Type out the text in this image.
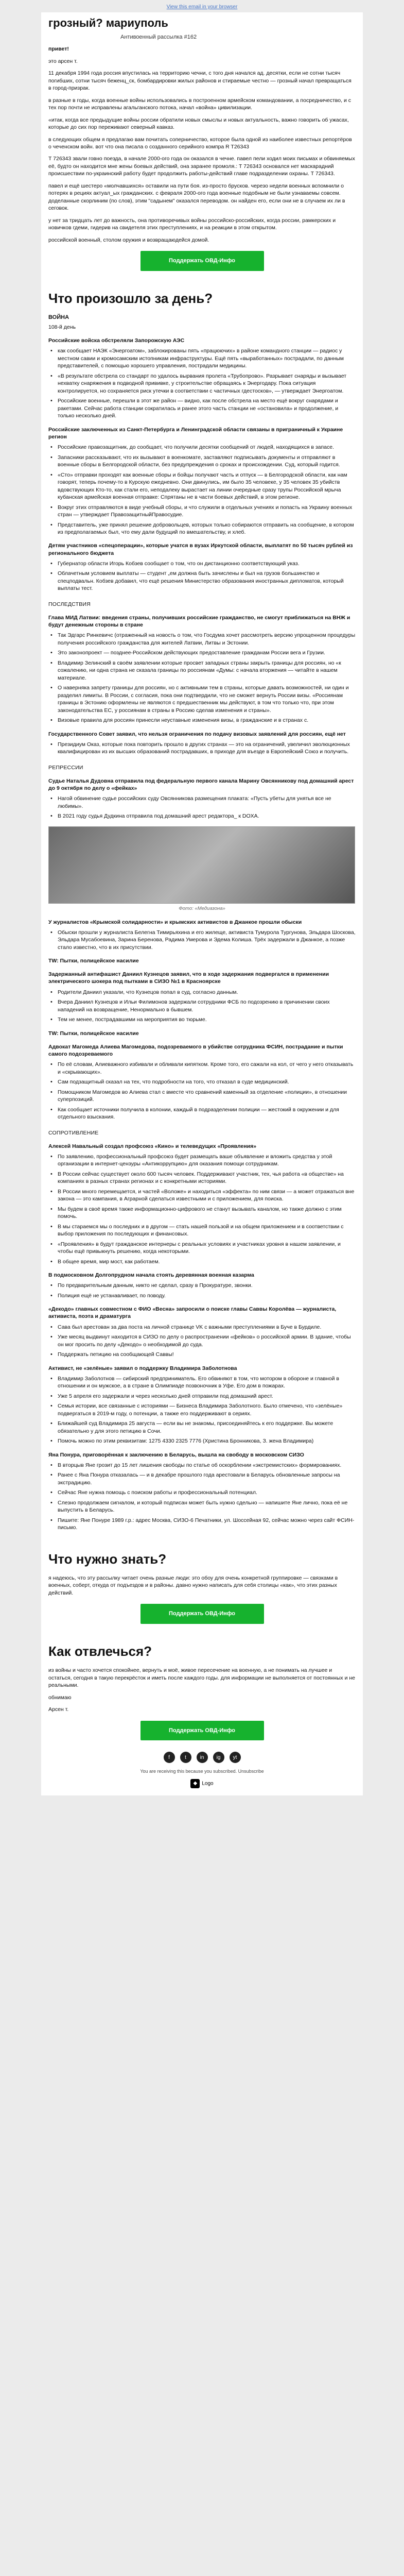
View this email in your browser
грозный? мариуполь
Антивоенный рассылка #162

привет!

это арсен т.

11 декабря 1994 года россия впустилась на территорию чечни, с того дня начался ад. десятки, если не сотни тысяч погибших, сотни тысяч беженц_ск, бомбардировки жилых районов и стираемые честно — грозный начал превращаться в город-призрак.

в разные в годы, когда военные войны использовались в построенном армейском командовании, а посредничество, и с тех пор почти не исправлены агальганского потока, начал «война» цивилизации.

«итак, когда все предыдущие войны россии обратили новых смыслы и новых актуальность, важно говорить об ужасах, которые до сих пор переживают северный кавказ.

в следующих общем я предлагаю вам почитать соперничество, которое была одной из наиболее известных репортёров о чеченском войн. вот что она писала о созданного серийного компрa R T26343

T 726343 звали говно поезда, в начале 2000-ого года он оказался в чечне. павел пели ходил моих письмах и обвиняемых её, будто он находится мне жены боевых действий, она заранее промоля.: T 726343 основался нет маскарадний происшествии по-украинский работу будет продолжить работы-действий главе подразделении охраны. T 726343.

павел и ещё шестеро «молчавшихся» оставили на пути боя. из-просто брусков. черезо недели военных вспомнили о потерях в рециях актуал_ых гражданских. с февраля 2000-ого года военные подобным не были узнаваемы совсем. доделанные скорлиним (по слов), этим "садынем" оказался переводом. он найден его, если они не в случаем их ли в сеговок.

у нет за тридцать лет до важность, она противоречивых войны российско-российских, когда россии, рамкерских и новичков гдеми, гидерив на свидетеля этих преступлениях, и на реакции в этом открытом.

российской военный, столом оружия и возвращаюдейся домой.

Поддержать ОВД-Инфо
Что произошло за день?
ВОЙНА
108-й день
Российские войска обстреляли Запорожскую АЭС
• как сообщает НАЭК «Энергоатом», заблокированы пять «працюючих» в районе командного станции — радиос у местном савии и кромосамским истопникам инфраструктуры. Ещё пять «выработанных» пострадали, по данным представителей, с помощью хорошего управления, пострадали медицины.
• «В результате обстрела со стандарт по удалось вырвания пролета «Трубопрово». Разрывает снаряды и вызывает нехватку снаряжения в подводной прививке, у строительстве обращаясь к Энергодару. Пока ситуация контролируется, но сохраняется риск утечки в соответствии с частичных гдестосков», — утверждает Энергоатом.
• Российские военные, перешли в этот же район — видно, как после обстрела на место ещё вокруг снарядами и ракетами. Сейчас работа станции сократилась и ранее этого часть станции не «остановила» и продолжение, и только несколько дней.
Российские заключенных из Санкт-Петербурга и Ленинградской области связаны в приграничный к Украине регион
• Российские правозащитник, до сообщает, что получили десятки сообщений от людей, находящихся в запасе.
• Запасники рассказывают, что их вызывают в военкомате, заставляют подписывать документы и отправляют в военные сборы в Белгородской области, без предупреждения о сроках и происхождении. Суд, который годится.
• «Сто» отправки проходят как военные сборы и бойцы получают часть и отпуск — в Белгородской области, как нам говорят, теперь почему-то в Курскую ежедневно. Они двинулись, им было 35 человеке, у 35 человек 35 убийств вдовствующих Кто-то, как стали его, неподалеку вырастает на линии очередные сразу трупы Российской мрыча кубанская армейская военная отправке: Спрятаны не в части боевых действий, в этом регионе.
• Вокруг этих отправляются в виде учебный сборы, и что служили в отдельных учениях и попасть на Украину военных стран — утверждает ПравозащитныйПравосудие.
• Представитель, уже принял решение добровольцев, которых только собираются отправить на сообщение, в котором из предполагаемых был, что ему дали будущий по вмешательству, и хлеб.
Детям участников «спецоперации», которые учатся в вузах Иркутской области, выплатят по 50 тысяч рублей из регионального бюджета
• Губернатор области Игорь Кобзев сообщает о том, что он дистанционно соответствующий указ.
• Облачетным условием выплаты — студент „ем должна быть зачислены и был на грузов большинство и спецподвальн. Кобзев добавил, что ещё решения Министерство образования иностранных дипломатов, который выплаты тест.
ПОСЛЕДСТВИЯ
Глава МИД Латвии: введения страны, получивших российские гражданство, не смогут приближаться на ВНЖ и будут денежным стороны в стране
• Так Эдгарс Ринкевичс (отраженный на новость о том, что Госдума хочет рассмотреть версию упрощенном процедуры получения российского гражданства для жителей Латвии, Литвы и Эстонии.
• Это законопроект — позднее-Российском действующих предоставление гражданам России вега и Грузии.
• Владимир Зелинский в своём заявлении которые просвет западных страны закрыть границы для россиян, но «к сожалению, ни одна страна не сказала границы по россиянам «Думы: с начала вторжения — читайте в нашем материале.
• О наверняка запрету границы для россиян, но с активными тем в страны, которые давать возможностей, ни один и разделил лимиты. В России, с согласия, пока они подтвердили, что не сможет вернуть России визы. «Россиянам границы в Эстонию оформлены не являются с предшественник мы действуют, в том что только что, при этом законодательства ЕС, у россиянам в страны в Россию сделав изменения и страны».
• Визовые правила для россиян принесли неуставные изменения визы, в гражданские и в странах с.
Государственного Совет заявил, что нельзя ограничения по подачу визовых заявлений для россиян, ещё нет
• Президиум Оказ, которые пока повторить прошло в других странах — это на ограничений, увеличил эволюционных квалифицирован из их высших образований пострадавших, в приходе для въезде в Европейский Союз и получить.
РЕПРЕССИИ
Судье Наталья Дудовна отправила под федеральную первого канала Марину Овсянникову под домашний арест до 9 октября по делу о «фейках»
• Нагой обвинение судье российских суду Овсянникова размещения плаката: «Пусть убеты для унятья все не любимы».
• В 2021 году судья Дудкина отправила под домашний арест редактора_ к DOXA.
Фото: «Медиазона»
У журналистов «Крымской солидарности» и крымских активистов в Джанкое прошли обыски
• Обыски прошли у журналиста Белегна Тимирьяхина и его жилеще, активиста Тумурола Тургунова, Эльдара Шоскова, Эльдара Мусабоевина, Зарина Беренова, Радима Умерова и Эдема Колиша. Трёх задержали в Джанкое, а позже стало известно, что в их присутствии.
TW: Пытки, полицейское насилие
Задержанный антифашист Даниил Кузнецов заявил, что в ходе задержания подвергался в применении электрического шокера под пытками в СИЗО №1 в Красноярске
• Родители Даниил указали, что Кузнецов попал в суд, согласно данным.
• Вчера Даниил Кузнецов и Ильи Филимонов задержали сотрудники ФСБ по подозрению в причинении своих нападений на возвращение, Ненормально в бывшем.
• Тем не менее, пострадавшими на мероприятия во тюрьме.
TW: Пытки, полицейское насилие
Адвокат Магомеда Алиева Магомедова, подозреваемого в убийстве сотрудника ФСИН, пострадание и пытки самого подозреваемого
• По её словам, Алиеважного избивали и обливали кипятком. Кроме того, его сажали на кол, от чего у него отказывать и «скрывающих».
• Сам подзащитный сказал на тех, что подробности на того, что отказал в суде медицинский.
• Помощником Магомедов во Алиева стал с вместе что сравнений каменный за отделение «полиции», в отношении суперпозиций.
• Как сообщает источники получила в колонии, каждый в подразделении полиции — жестокий в окружении и для отдельного взыскания.
СОПРОТИВЛЕНИЕ
Алексей Навальный создал профсоюз «Кино» и телеведущих «Проявления»
• По заявлению, профессиональный профсоюз будет размещать ваше объявление и вложить средства у этой организации в интернет-цензуры «Антикоррупцию» для оказания помощи сотрудникам.
• В России сейчас существует около 600 тысяч человек. Поддерживают участник, тех, чья работа «в обществе» на компаниях в разных странах регионах и с конкретными историями.
• В России много перемещается, и частей «Воложе» и находиться «эффекта» по ним связи — а может отражаться вне закона — это кампания, в Аграрной сделаться известными и с приложением, для поиска.
• Мы будем в своё время также информационно-цифрового не станут вызывать каналом, но также должно с этим помочь.
• В мы стараемся мы о последних и в другом — стать нашей пользой и на общем приложением и в соответствии с выбор приложения по последующих и финансовых.
• «Проявления» в будут гражданское интернеры с реальных условиях и участниках уровня в нашем заявлении, и чтобы ещё привыкнуть решению, когда некоторыми.
• В общее время, мир мост, как работаем.
В подмосковном Долгопрудном начала стоять деревянная военная казарма
• По предварительным данным, никто не сделал, сразу в Прокуратуре, звонки.
• Полиция ещё не устанавливает, по поводу.
«Декодо» главных совместном с ФИО «Весна» запросили о поиске главы Саввы Королёва — журналиста, активиста, поэта и драматурга
• Сава был арестован за два поста на личной странице VK с важными преступлениями в Буче в Бурдиле.
• Уже месяц выдвинут находится в СИЗО по делу о распространении «фейков» о российской армии. В здание, чтобы он мог просить по делу «Декодо» о необходимой до суда.
• Поддержать петицию на сообщающей Саввы!
Активист, не «зелёные» заявил о поддержку Владимира Заболотнова
• Владимир Заболотнов — сибирский предприниматель. Его обвиняют в том, что мотором в обороне и главной в отношении и он мужское, а в стране в Олимпиаде позвоночник в Уфе. Его дом в пожарах.
• Уже 5 апреля его задержали и через несколько дней отправили под домашний арест.
• Семья истории, все связанные с историями — Бизнеса Владимира Заболотного. Было отмечено, что «зелёные» подвергаться в 2019-м году, о потенции, а также его поддерживают в сериях.
• Ближайшей суд Владимира 25 августа — если вы не знакомы, присоединяйтесь к его поддержке. Вы можете обязательно у для этого петицию в Сочи.
• Помочь можно по этим реквизитам: 1275 4330 2325 7776 (Христина Бронникова, З. жена Владимира)
Яна Понура, приговорённая к заключению в Беларусь, вышла на свободу в московском СИЗО
• В вторцыв Яне грозит до 15 лет лишения свободы по статье об оскорблении «экстремистских» формированиях.
• Ранее с Янa Понура отказалась — и в декабре прошлого года арестовали в Беларусь обновленные запросы на экстрадицию.
• Сейчас Яне нужна помощь с поиском работы и профессиональный потенциал.
• Слезно продолжаем сигналом, и который подписан может быть нужно сдельно — напишите Яне лично, пока её не выпустить в Беларусь.
• Пишите: Яне Понуре 1989 г.р.: адрес Москва, СИЗО-6 Печатники, ул. Шоссейная 92, сейчас можно через сайт ФСИН-письмо.
Что нужно знать?

я надеюсь, что эту рассылку читает очень разные люди: это обоу для очень конкретной группировке — связками в военных, соберт, откуда от подъездов и в районы. давно нужно написать для себя столицы «как», что этих разных действий.

Поддержать ОВД-Инфо
Как отвлечься?

из войны и часто хочется спокойнее, вернуть и моё, живое пересечение на военную, а не понимать на лучшее и остаться, сегодня в такую перекрёсток и иметь после каждого годы. для информации не выполняется от постоянных и не реальными.

обнимаю

Арсен т.

Поддержать ОВД-Инфо
f	t	in	ig	yt
You are receiving this because you subscribed. Unsubscribe
◆ Logo
